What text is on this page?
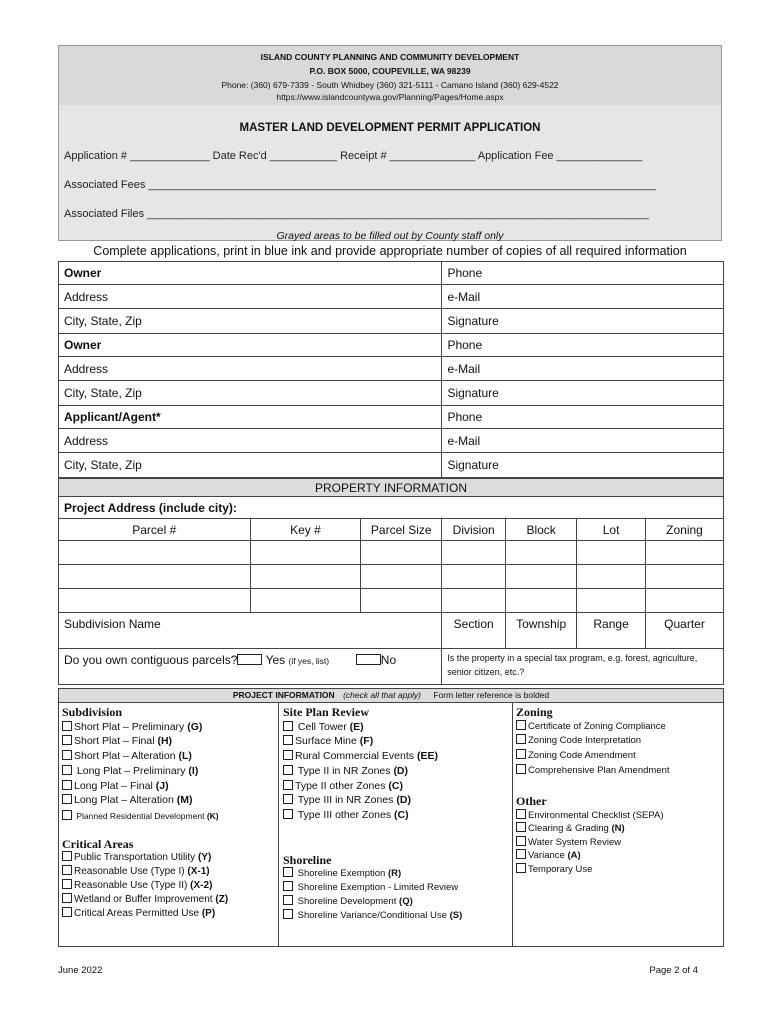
ISLAND COUNTY PLANNING AND COMMUNITY DEVELOPMENT
P.O. BOX 5000, COUPEVILLE, WA 98239
Phone: (360) 679-7339 - South Whidbey (360) 321-5111 - Camano Island (360) 629-4522
https://www.islandcountywa.gov/Planning/Pages/Home.aspx
MASTER LAND DEVELOPMENT PERMIT APPLICATION
Grayed areas to be filled out by County staff only
Application # _____________ Date Rec'd ___________ Receipt # ______________ Application Fee ______________
Associated Fees ___________________________________________________________________________________
Associated Files __________________________________________________________________________________
Complete applications, print in blue ink and provide appropriate number of copies of all required information
Owner	Phone
Address	e-Mail
City, State, Zip	Signature
Owner	Phone
Address	e-Mail
City, State, Zip	Signature
Applicant/Agent*	Phone
Address	e-Mail
City, State, Zip	Signature
PROPERTY INFORMATION						
Project Address (include city):						
Parcel #	Key #	Parcel Size	Division	Block	Lot	Zoning

Subdivision Name			Section	Township	Range	Quarter
Do you own contiguous parcels? Yes (if yes, list) No			Is the property in a special tax program, e.g. forest, agriculture, senior citizen, etc.?			
PROJECT INFORMATION (check all that apply) Form letter reference is bolded
Subdivision
Short Plat – Preliminary (G)
Short Plat – Final (H)
Short Plat – Alteration (L)
Long Plat – Preliminary (I)
Long Plat – Final (J)
Long Plat – Alteration (M)
Planned Residential Development (K)
Critical Areas
Public Transportation Utility (Y)
Reasonable Use (Type I) (X-1)
Reasonable Use (Type II) (X-2)
Wetland or Buffer Improvement (Z)
Critical Areas Permitted Use (P)
Site Plan Review
Cell Tower (E)
Surface Mine (F)
Rural Commercial Events (EE)
Type II in NR Zones (D)
Type II other Zones (C)
Type III in NR Zones (D)
Type III other Zones (C)
Shoreline
Shoreline Exemption (R)
Shoreline Exemption - Limited Review
Shoreline Development (Q)
Shoreline Variance/Conditional Use (S)
Zoning
Certificate of Zoning Compliance
Zoning Code Interpretation
Zoning Code Amendment
Comprehensive Plan Amendment
Other
Environmental Checklist (SEPA)
Clearing & Grading (N)
Water System Review
Variance (A)
Temporary Use
June 2022	Page 2 of 4
